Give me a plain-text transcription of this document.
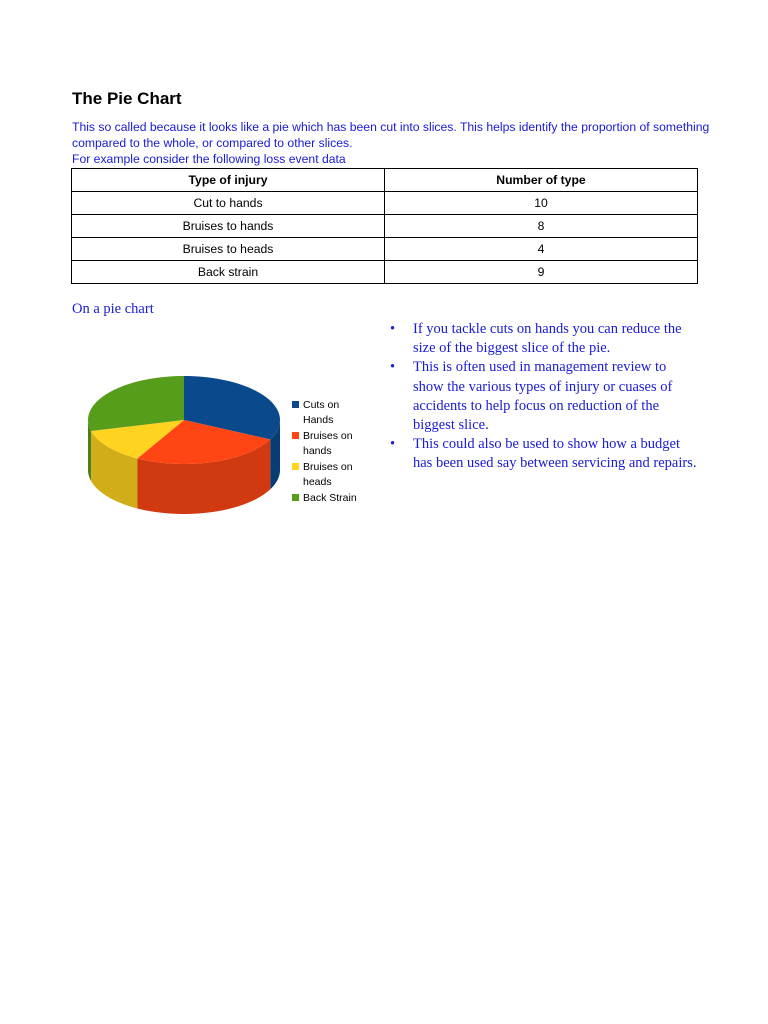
The Pie Chart

This so called because it looks like a pie which has been cut into slices. This helps identify the proportion of something compared to the whole, or compared to other slices.

For example consider the following loss event data

Type of injury	Number of type
Cut to hands	10
Bruises to hands	8
Bruises to heads	4
Back strain	9
On a pie chart
Cuts on Hands
Bruises on hands
Bruises on heads
Back Strain
• If you tackle cuts on hands you can reduce the size of the biggest slice of the pie.
• This is often used in management review to show the various types of injury or cuases of accidents to help focus on reduction of the biggest slice.
• This could also be used to show how a budget has been used say between servicing and repairs.
